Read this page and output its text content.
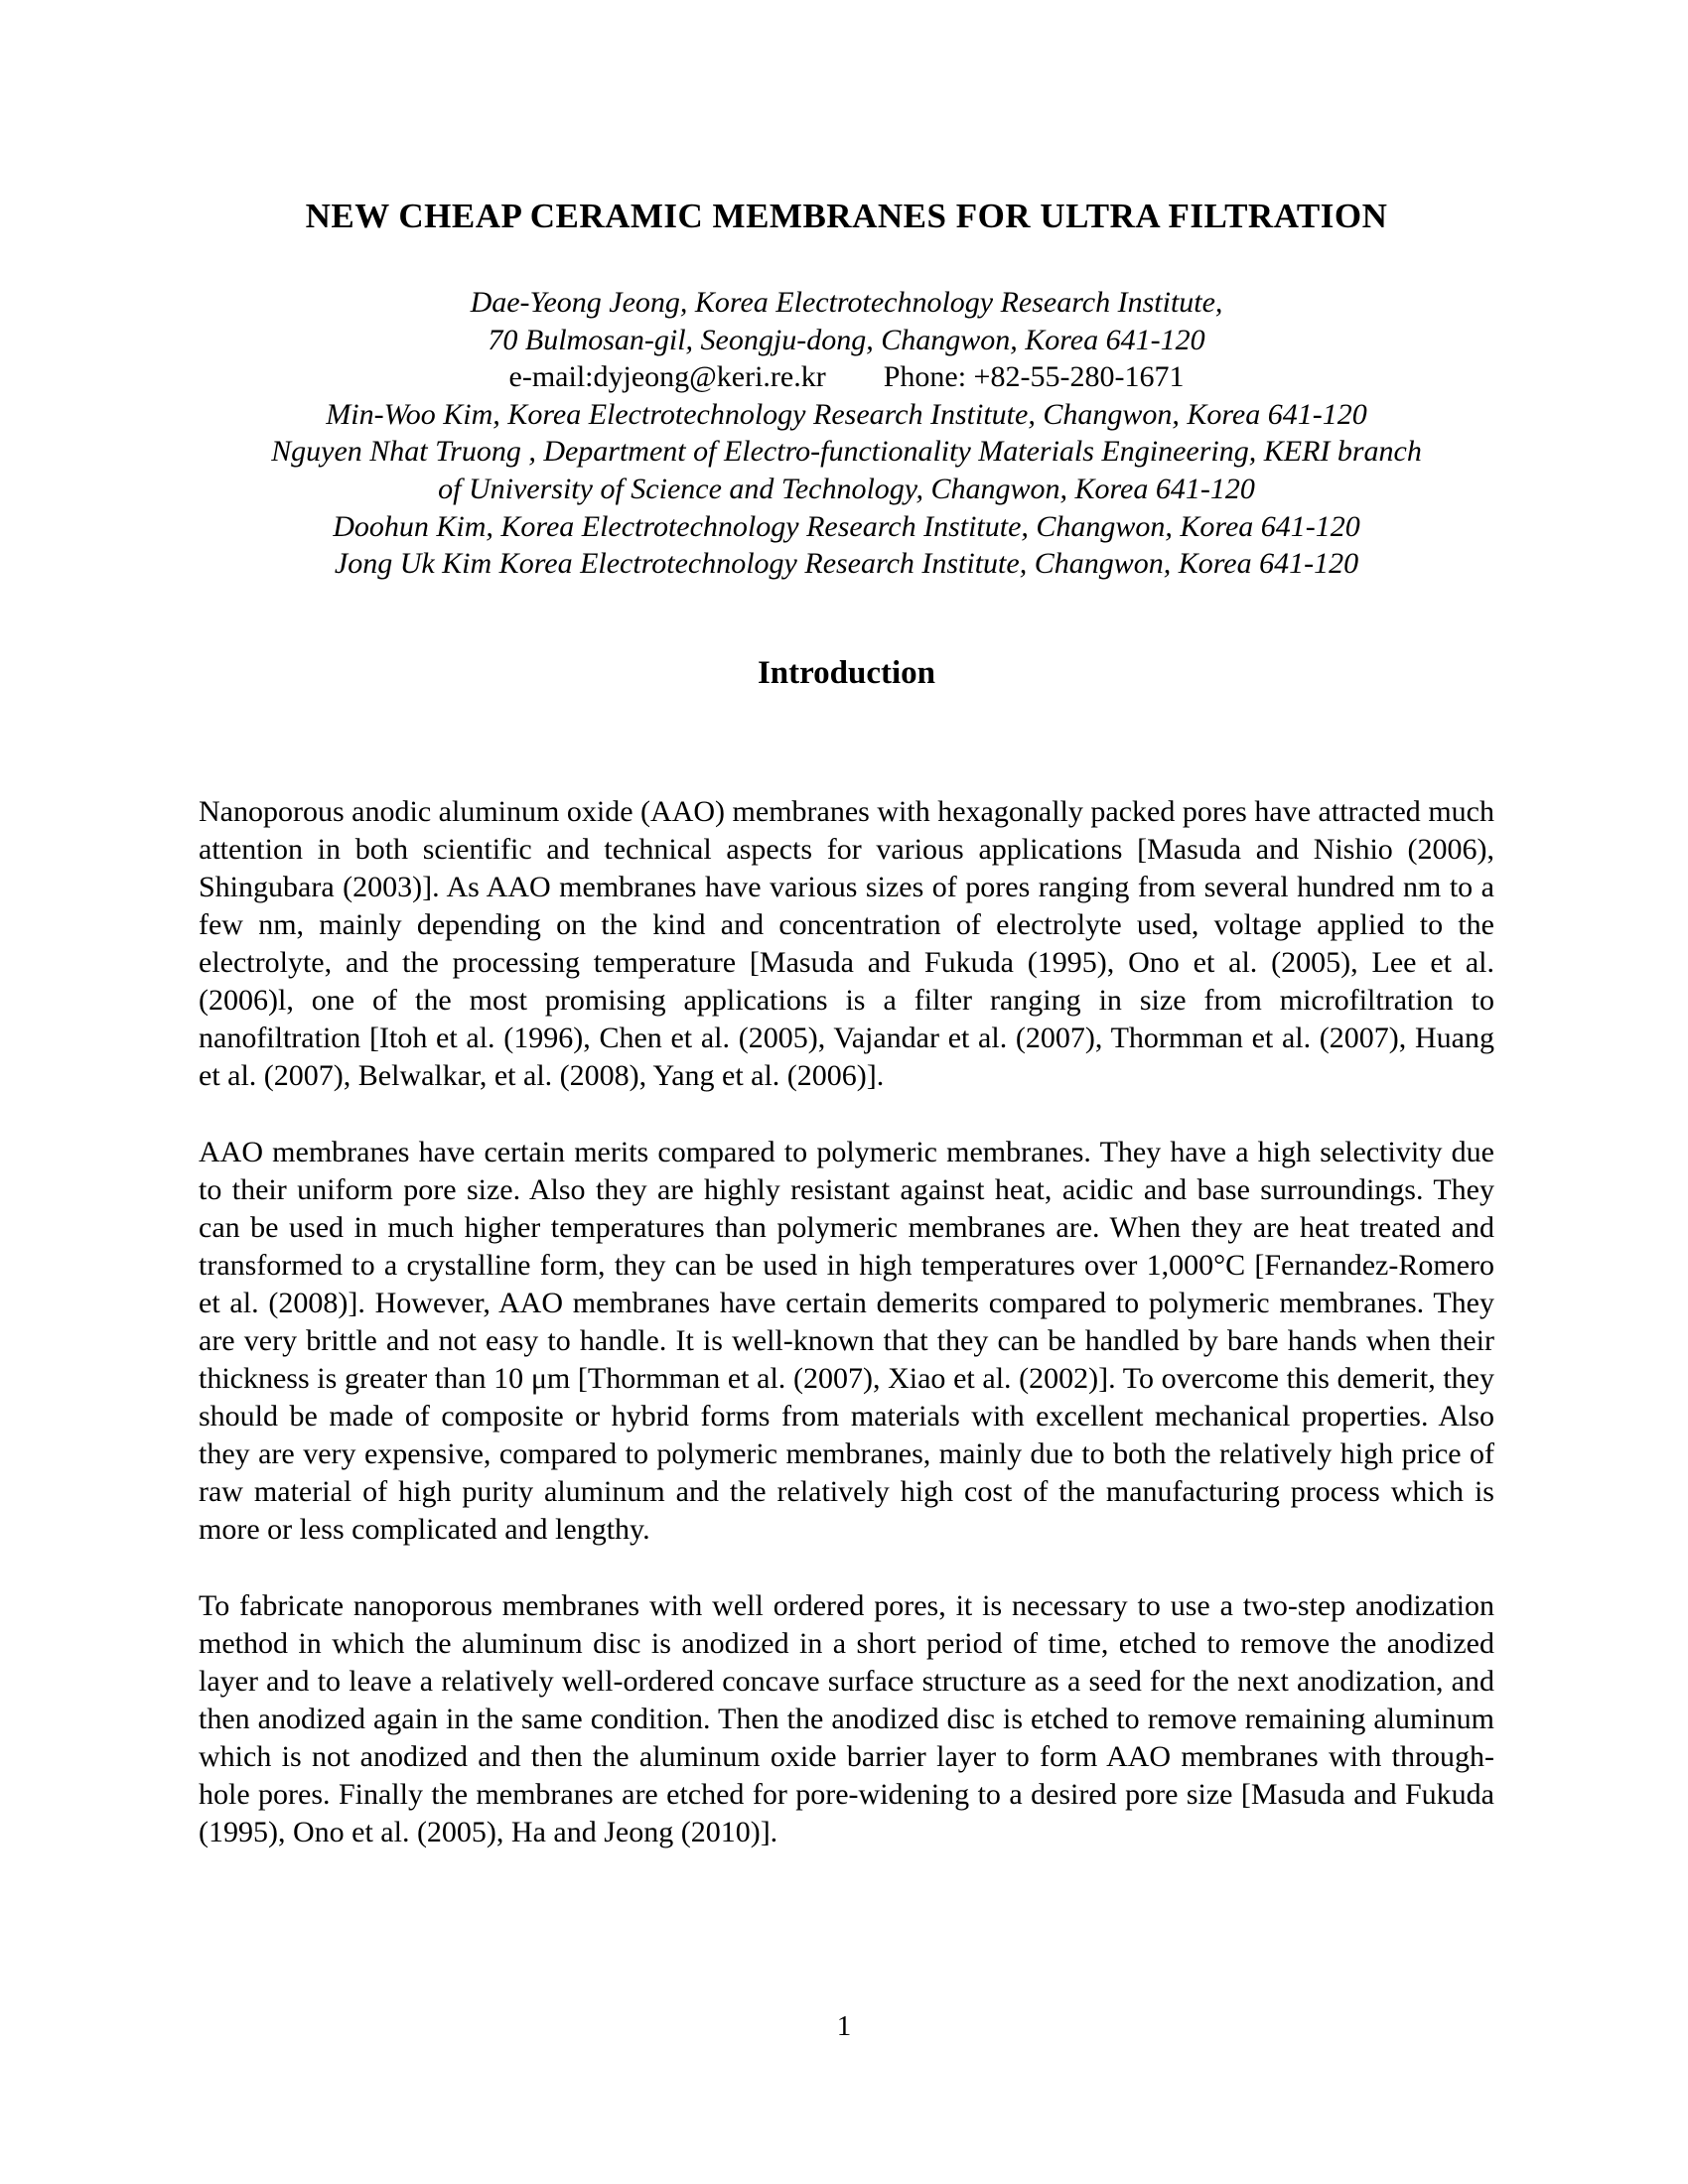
NEW CHEAP CERAMIC MEMBRANES FOR ULTRA FILTRATION
Dae-Yeong Jeong, Korea Electrotechnology Research Institute,
70 Bulmosan-gil, Seongju-dong, Changwon, Korea 641-120
e-mail:dyjeong@keri.re.kr Phone: +82-55-280-1671
Min-Woo Kim, Korea Electrotechnology Research Institute, Changwon, Korea 641-120
Nguyen Nhat Truong , Department of Electro-functionality Materials Engineering, KERI branch
of University of Science and Technology, Changwon, Korea 641-120
Doohun Kim, Korea Electrotechnology Research Institute, Changwon, Korea 641-120
Jong Uk Kim Korea Electrotechnology Research Institute, Changwon, Korea 641-120
Introduction

Nanoporous anodic aluminum oxide (AAO) membranes with hexagonally packed pores have attracted much attention in both scientific and technical aspects for various applications [Masuda and Nishio (2006), Shingubara (2003)]. As AAO membranes have various sizes of pores ranging from several hundred nm to a few nm, mainly depending on the kind and concentration of electrolyte used, voltage applied to the electrolyte, and the processing temperature [Masuda and Fukuda (1995), Ono et al. (2005), Lee et al. (2006)l, one of the most promising applications is a filter ranging in size from microfiltration to nanofiltration [Itoh et al. (1996), Chen et al. (2005), Vajandar et al. (2007), Thormman et al. (2007), Huang et al. (2007), Belwalkar, et al. (2008), Yang et al. (2006)].

AAO membranes have certain merits compared to polymeric membranes. They have a high selectivity due to their uniform pore size. Also they are highly resistant against heat, acidic and base surroundings. They can be used in much higher temperatures than polymeric membranes are. When they are heat treated and transformed to a crystalline form, they can be used in high temperatures over 1,000°C [Fernandez-Romero et al. (2008)]. However, AAO membranes have certain demerits compared to polymeric membranes. They are very brittle and not easy to handle. It is well-known that they can be handled by bare hands when their thickness is greater than 10 μm [Thormman et al. (2007), Xiao et al. (2002)]. To overcome this demerit, they should be made of composite or hybrid forms from materials with excellent mechanical properties. Also they are very expensive, compared to polymeric membranes, mainly due to both the relatively high price of raw material of high purity aluminum and the relatively high cost of the manufacturing process which is more or less complicated and lengthy.

To fabricate nanoporous membranes with well ordered pores, it is necessary to use a two-step anodization method in which the aluminum disc is anodized in a short period of time, etched to remove the anodized layer and to leave a relatively well-ordered concave surface structure as a seed for the next anodization, and then anodized again in the same condition. Then the anodized disc is etched to remove remaining aluminum which is not anodized and then the aluminum oxide barrier layer to form AAO membranes with through-hole pores. Finally the membranes are etched for pore-widening to a desired pore size [Masuda and Fukuda (1995), Ono et al. (2005), Ha and Jeong (2010)].

1
